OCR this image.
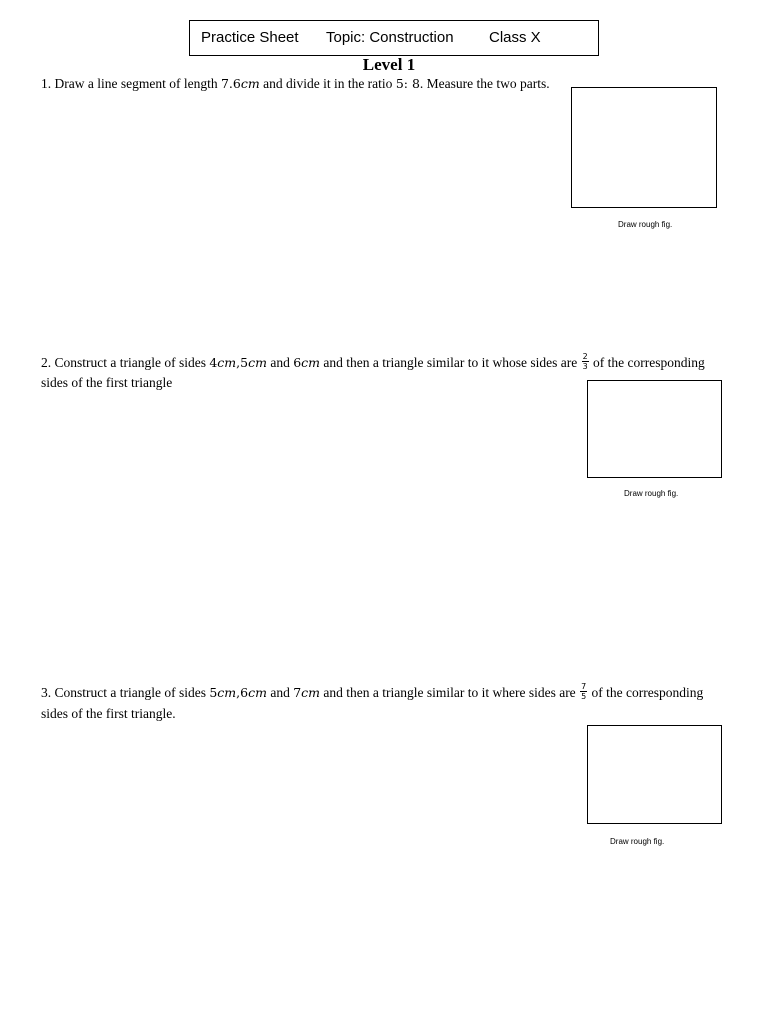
Practice Sheet Topic: Construction Class X
Level 1
1. Draw a line segment of length 7.6cm and divide it in the ratio 5: 8. Measure the two parts.
Draw rough fig.
2. Construct a triangle of sides 4cm,5cm and 6cm and then a triangle similar to it whose sides are $\frac{2}{3}$ of the corresponding
sides of the first triangle
Draw rough fig.
3. Construct a triangle of sides 5cm,6cm and 7cm and then a triangle similar to it where sides are $\frac{7}{5}$ of the corresponding
sides of the first triangle.
Draw rough fig.
